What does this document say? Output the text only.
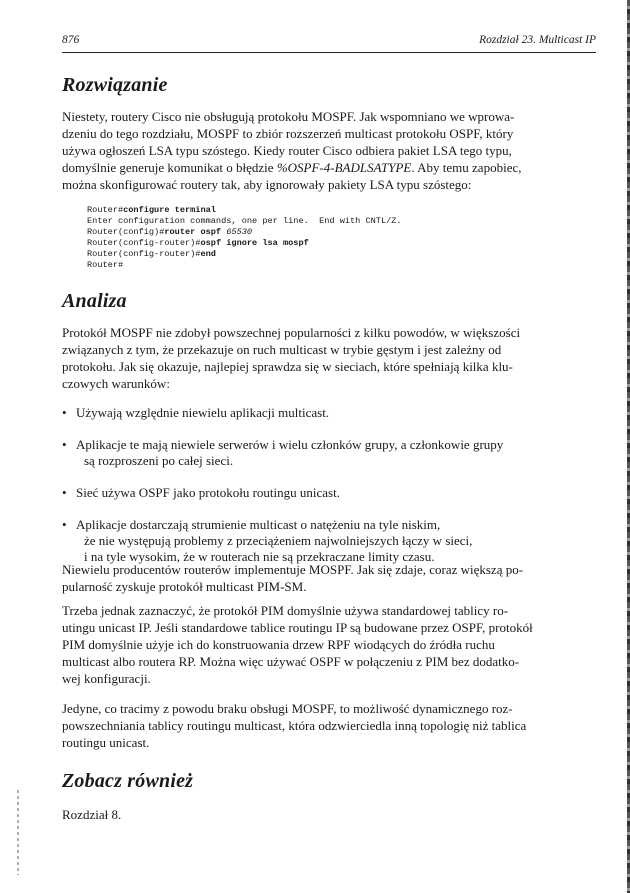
876	Rozdział 23. Multicast IP
Rozwiązanie
Niestety, routery Cisco nie obsługują protokołu MOSPF. Jak wspomniano we wprowa-
dzeniu do tego rozdziału, MOSPF to zbiór rozszerzeń multicast protokołu OSPF, który
używa ogłoszeń LSA typu szóstego. Kiedy router Cisco odbiera pakiet LSA tego typu,
domyślnie generuje komunikat o błędzie %OSPF-4-BADLSATYPE. Aby temu zapobiec,
można skonfigurować routery tak, aby ignorowały pakiety LSA typu szóstego:
Router#configure terminal
Enter configuration commands, one per line.  End with CNTL/Z.
Router(config)#router ospf 65530
Router(config-router)#ospf ignore lsa mospf
Router(config-router)#end
Router#
Analiza
Protokół MOSPF nie zdobył powszechnej popularności z kilku powodów, w większości
związanych z tym, że przekazuje on ruch multicast w trybie gęstym i jest zależny od
protokołu. Jak się okazuje, najlepiej sprawdza się w sieciach, które spełniają kilka klu-
czowych warunków:
• Używają względnie niewielu aplikacji multicast.
• Aplikacje te mają niewiele serwerów i wielu członków grupy, a członkowie grupy
są rozproszeni po całej sieci.
• Sieć używa OSPF jako protokołu routingu unicast.
• Aplikacje dostarczają strumienie multicast o natężeniu na tyle niskim,
że nie występują problemy z przeciążeniem najwolniejszych łączy w sieci,
i na tyle wysokim, że w routerach nie są przekraczane limity czasu.
Niewielu producentów routerów implementuje MOSPF. Jak się zdaje, coraz większą po-
pularność zyskuje protokół multicast PIM-SM.
Trzeba jednak zaznaczyć, że protokół PIM domyślnie używa standardowej tablicy ro-
utingu unicast IP. Jeśli standardowe tablice routingu IP są budowane przez OSPF, protokół
PIM domyślnie użyje ich do konstruowania drzew RPF wiodących do źródła ruchu
multicast albo routera RP. Można więc używać OSPF w połączeniu z PIM bez dodatko-
wej konfiguracji.
Jedyne, co tracimy z powodu braku obsługi MOSPF, to możliwość dynamicznego roz-
powszechniania tablicy routingu multicast, która odzwierciedla inną topologię niż tablica
routingu unicast.
Zobacz również
Rozdział 8.
